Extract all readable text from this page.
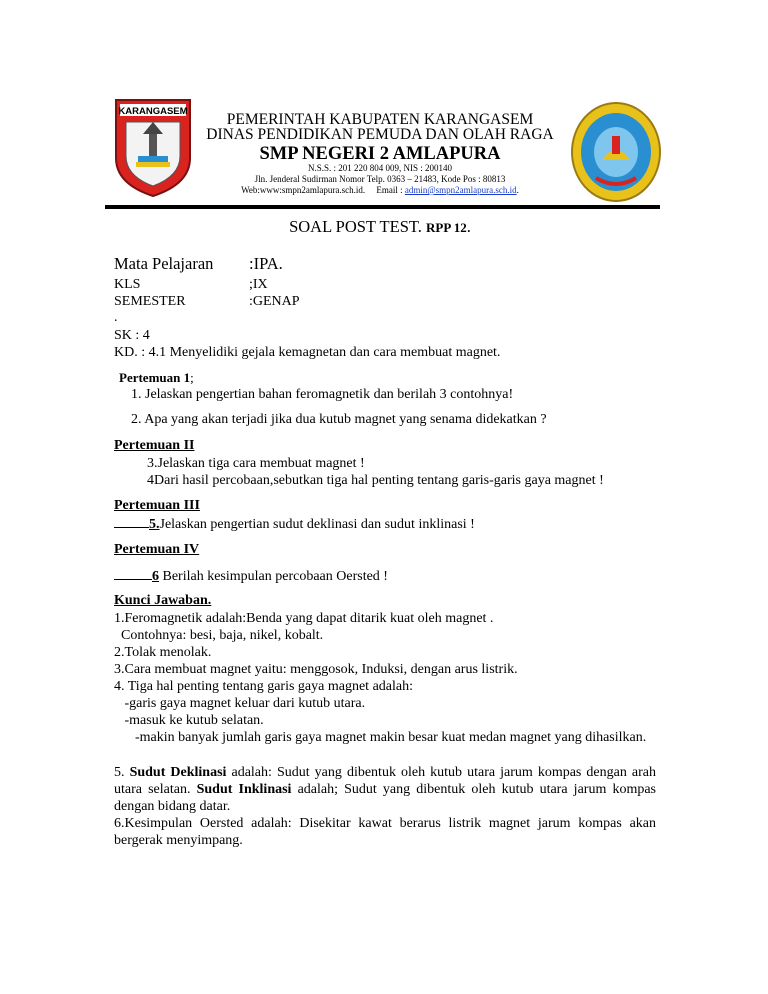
KARANGASEM	PEMERINTAH KABUPATEN KARANGASEM
DINAS PENDIDIKAN PEMUDA DAN OLAH RAGA
SMP NEGERI 2 AMLAPURA
N.S.S. : 201 220 804 009, NIS : 200140
Jln. Jenderal Sudirman Nomor Telp. 0363 – 21483, Kode Pos : 80813
Web:www:smpn2amlapura.sch.id. Email : admin@smpn2amlapura.sch.id.
SOAL POST TEST. RPP 12.
Mata Pelajaran :IPA.
KLS	;IX
SEMESTER	:GENAP
.
SK : 4
KD. : 4.1 Menyelidiki gejala kemagnetan dan cara membuat magnet.
Pertemuan 1;
1. Jelaskan pengertian bahan feromagnetik dan berilah 3 contohnya!
2. Apa yang akan terjadi jika dua kutub magnet yang senama didekatkan ?
Pertemuan II
3.Jelaskan tiga cara membuat magnet !
4Dari hasil percobaan,sebutkan tiga hal penting tentang garis-garis gaya magnet !
Pertemuan III
5.Jelaskan pengertian sudut deklinasi dan sudut inklinasi !
Pertemuan IV
6 Berilah kesimpulan percobaan Oersted !
Kunci Jawaban.
1.Feromagnetik adalah:Benda yang dapat ditarik kuat oleh magnet .
Contohnya: besi, baja, nikel, kobalt.
2.Tolak menolak.
3.Cara membuat magnet yaitu: menggosok, Induksi, dengan arus listrik.
4. Tiga hal penting tentang garis gaya magnet adalah:
-garis gaya magnet keluar dari kutub utara.
-masuk ke kutub selatan.
-makin banyak jumlah garis gaya magnet makin besar kuat medan magnet yang dihasilkan.
5. Sudut Deklinasi adalah: Sudut yang dibentuk oleh kutub utara jarum kompas dengan arah utara selatan. Sudut Inklinasi adalah; Sudut yang dibentuk oleh kutub utara jarum kompas dengan bidang datar.
6.Kesimpulan Oersted adalah: Disekitar kawat berarus listrik magnet jarum kompas akan bergerak menyimpang.
